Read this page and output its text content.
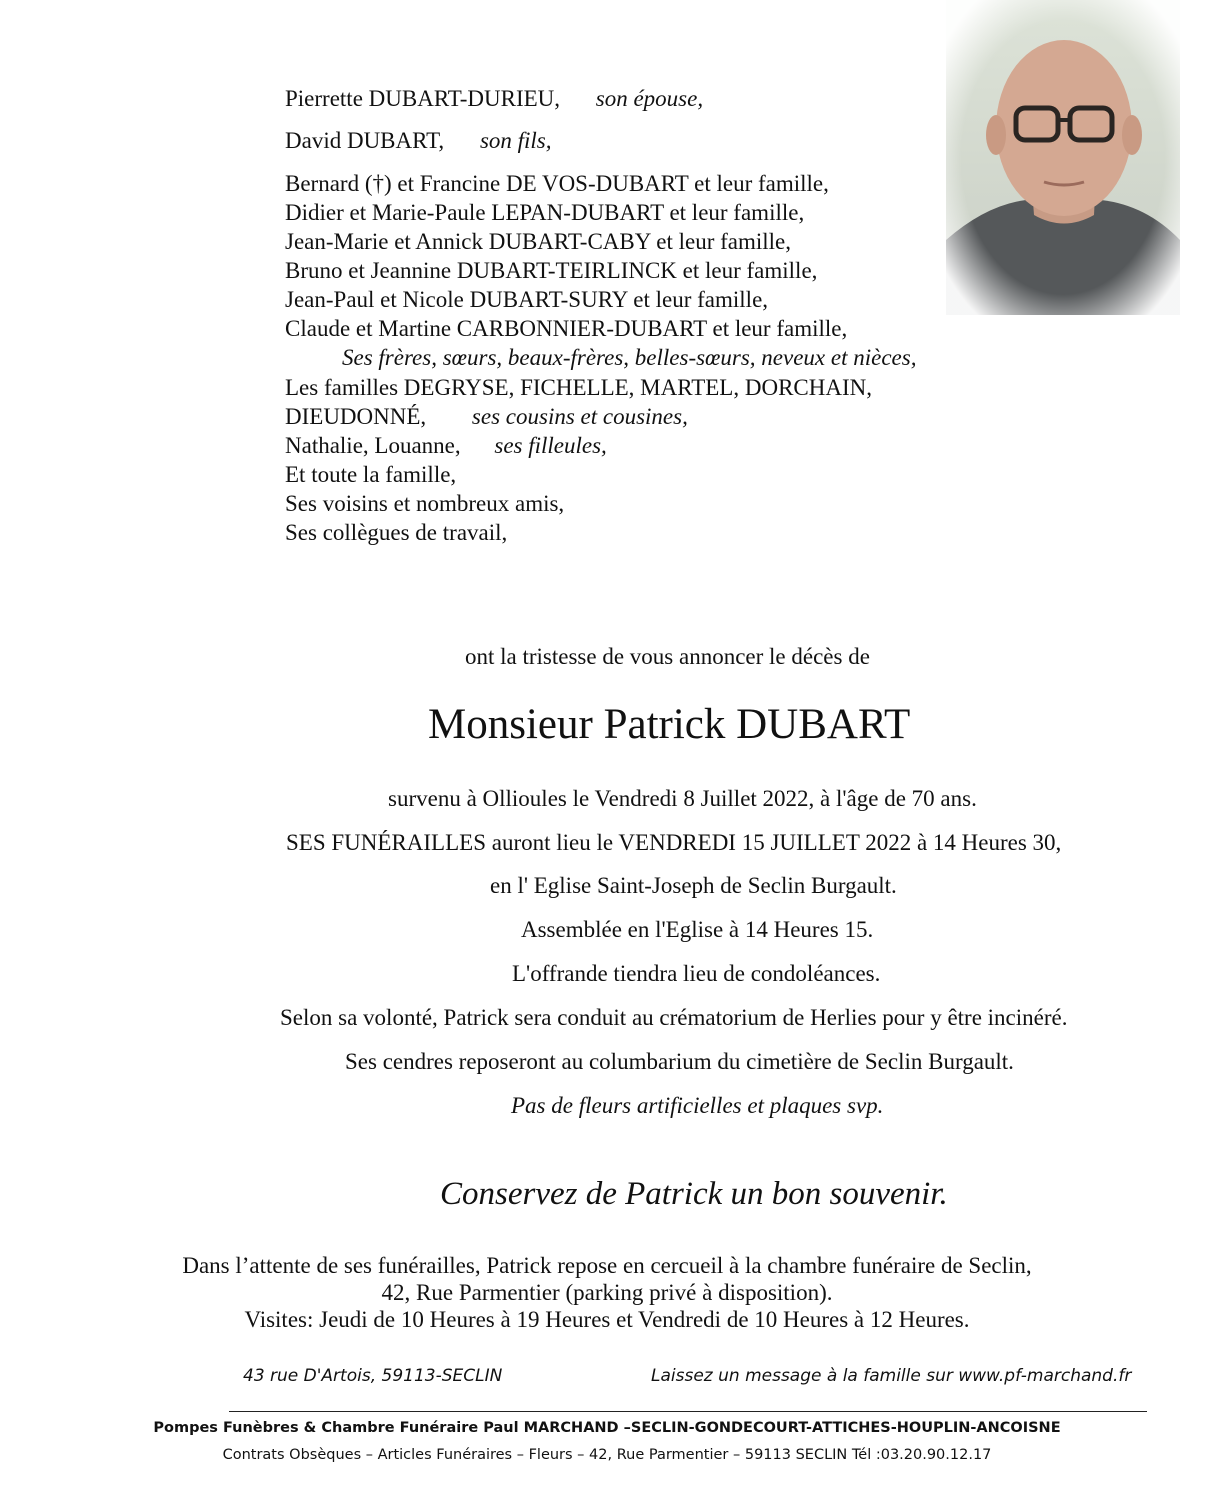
Pierrette DUBART-DURIEU, son épouse,
David DUBART, son fils,
Bernard (†) et Francine DE VOS-DUBART et leur famille,
Didier et Marie-Paule LEPAN-DUBART et leur famille,
Jean-Marie et Annick DUBART-CABY et leur famille,
Bruno et Jeannine DUBART-TEIRLINCK et leur famille,
Jean-Paul et Nicole DUBART-SURY et leur famille,
Claude et Martine CARBONNIER-DUBART et leur famille,
Ses frères, sœurs, beaux-frères, belles-sœurs, neveux et nièces,
Les familles DEGRYSE, FICHELLE, MARTEL, DORCHAIN,
DIEUDONNÉ, ses cousins et cousines,
Nathalie, Louanne, ses filleules,
Et toute la famille,
Ses voisins et nombreux amis,
Ses collègues de travail,
ont la tristesse de vous annoncer le décès de
Monsieur Patrick DUBART
survenu à Ollioules le Vendredi 8 Juillet 2022, à l'âge de 70 ans.
SES FUNÉRAILLES auront lieu le VENDREDI 15 JUILLET 2022 à 14 Heures 30,
en l' Eglise Saint-Joseph de Seclin Burgault.
Assemblée en l'Eglise à 14 Heures 15.
L'offrande tiendra lieu de condoléances.
Selon sa volonté, Patrick sera conduit au crématorium de Herlies pour y être incinéré.
Ses cendres reposeront au columbarium du cimetière de Seclin Burgault.
Pas de fleurs artificielles et plaques svp.
Conservez de Patrick un bon souvenir.
Dans l’attente de ses funérailles, Patrick repose en cercueil à la chambre funéraire de Seclin,
42, Rue Parmentier (parking privé à disposition).
Visites: Jeudi de 10 Heures à 19 Heures et Vendredi de 10 Heures à 12 Heures.
43 rue D'Artois, 59113-SECLIN	Laissez un message à la famille sur www.pf-marchand.fr
Pompes Funèbres & Chambre Funéraire Paul MARCHAND –SECLIN-GONDECOURT-ATTICHES-HOUPLIN-ANCOISNE
Contrats Obsèques – Articles Funéraires – Fleurs – 42, Rue Parmentier – 59113 SECLIN Tél :03.20.90.12.17
